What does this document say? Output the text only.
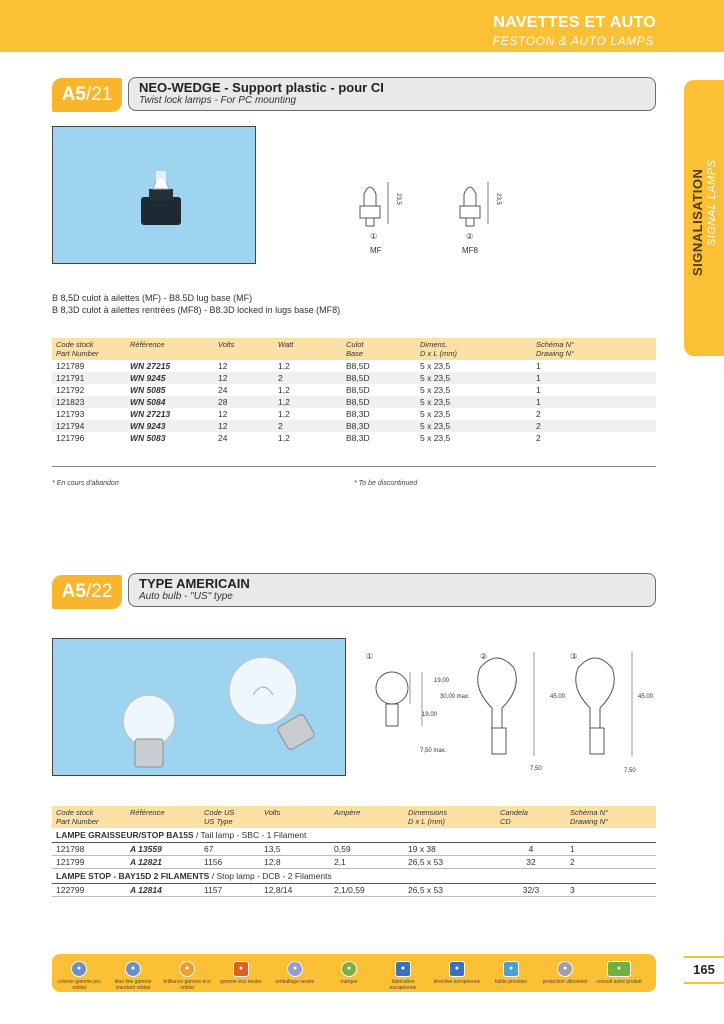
NAVETTES ET AUTO
FESTOON & AUTO LAMPS
SIGNALISATION SIGNAL LAMPS
A5/21	NEO-WEDGE - Support plastic - pour CI
Twist lock lamps - For PC mounting
23,5	23,5
①	②
MF	MF8
B 8,5D culot à ailettes (MF) - B8.5D lug base (MF)
B 8,3D culot à ailettes rentrées (MF8) - B8.3D locked in lugs base (MF8)
Code stock
Part Number	Référence	Volts	Watt	Culot
Base	Dimens.
D x L (mm)	Schéma N°
Drawing N°
121789	WN 27215	12	1,2	B8,5D	5 x 23,5	1
121791	WN 9245	12	2	B8,5D	5 x 23,5	1
121792	WN 5085	24	1,2	B8,5D	5 x 23,5	1
121823	WN 5084	28	1,2	B8,5D	5 x 23,5	1
121793	WN 27213	12	1,2	B8,3D	5 x 23,5	2
121794	WN 9243	12	2	B8,3D	5 x 23,5	2
121796	WN 5083	24	1,2	B8,3D	5 x 23,5	2
* En cours d'abandon	* To be discontinued
A5/22	TYPE AMERICAIN
Auto bulb - "US" type
①	②	③
19,00
30,00 max.
19,00
7,50 max.
45,00
7,50
45,00
7,50
Code stock
Part Number	Référence	Code US
US Type	Volts	Ampère	Dimensions
D x L (mm)	Candela
CD	Schéma N°
Drawing N°
LAMPE GRAISSEUR/STOP BA15S / Tail lamp - SBC - 1 Filament							
121798	A 13559	67	13,5	0,59	19 x 38	4	1
121799	A 12821	1156	12,8	2,1	26,5 x 53	32	2
LAMPE STOP - BAY15D 2 FILAMENTS / Stop lamp - DCB - 2 Filaments							
122799	A 12814	1157	12,8/14	2,1/0,59	26,5 x 53	32/3	3
●
color/or gamme pro orbital
●
blue line gamme standard orbital
●
brilliance gamme éco orbital
●
gamme éco neutre
●
emballage neutre
●
marque
●
fabrication européenne
●
directive européenne
●
faible pression
●
protection ultraviolet
●
consult autre produit
165
